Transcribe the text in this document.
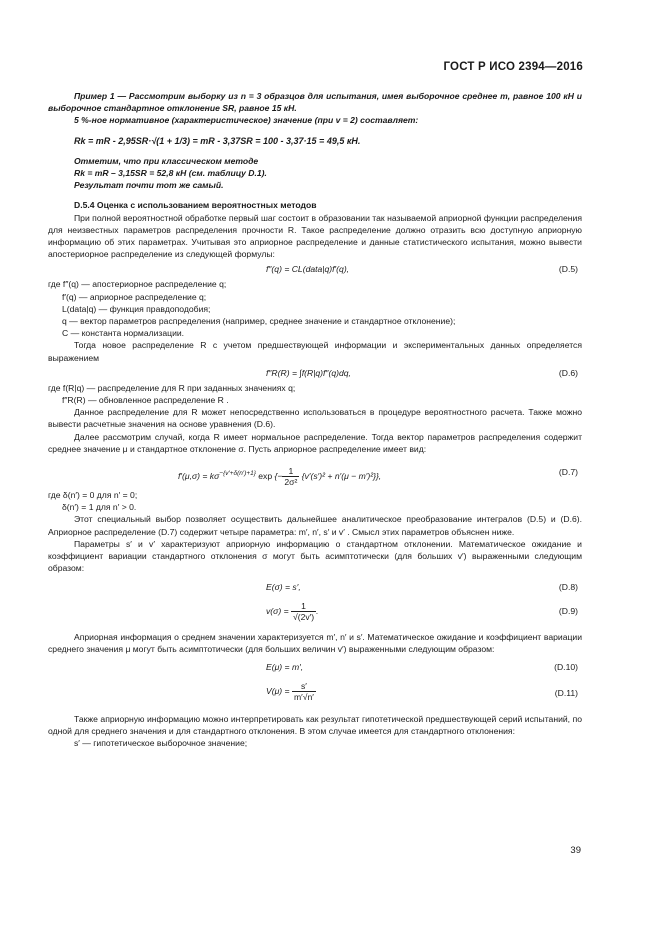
ГОСТ Р ИСО 2394—2016

Пример 1 — Рассмотрим выборку из n = 3 образцов для испытания, имея выборочное среднее m, равное 100 кН и выборочное стандартное отклонение SR, равное 15 кН.

5 %-ное нормативное (характеристическое) значение (при v = 2) составляет:

Rk = mR - 2,95SR·√(1 + 1/3) = mR - 3,37SR = 100 - 3,37·15 = 49,5 кН.

Отметим, что при классическом методе

Rk = mR – 3,15SR = 52,8 кН (см. таблицу D.1).

Результат почти тот же самый.

D.5.4 Оценка с использованием вероятностных методов

При полной вероятностной обработке первый шаг состоит в образовании так называемой априорной функции распределения для неизвестных параметров распределения прочности R. Такое распределение должно отразить всю доступную априорную информацию об этих параметрах. Учитывая это априорное распределение и данные статистического испытания, можно вывести апостериорное распределение из следующей формулы:

f″(q) = CL(data|q)f′(q),	(D.5)

где f″(q) — апостериорное распределение q;

f′(q) — априорное распределение q;

L(data|q) — функция правдоподобия;

q — вектор параметров распределения (например, среднее значение и стандартное отклонение);

C — константа нормализации.

Тогда новое распределение R с учетом предшествующей информации и экспериментальных данных определяется выражением

f″R(R) = ∫f(R|q)f″(q)dq,	(D.6)

где f(R|q) — распределение для R при заданных значениях q;

f″R(R) — обновленное распределение R .

Данное распределение для R может непосредственно использоваться в процедуре вероятностного расчета. Также можно вывести расчетные значения на основе уравнения (D.6).

Далее рассмотрим случай, когда R имеет нормальное распределение. Тогда вектор параметров распределения содержит среднее значение μ и стандартное отклонение σ. Пусть априорное распределение имеет вид:

$f'(\mu,\sigma) = k\sigma^{-\{v'+\delta(n')+1\}}$ exp {− $\frac{1}{\text{2σ²}} \{v'(s')^2 + n'(\mu - m')^2\}$},	(D.7)

где δ(n′) = 0 для n′ = 0;

δ(n′) = 1 для n′ > 0.

Этот специальный выбор позволяет осуществить дальнейшее аналитическое преобразование интегралов (D.5) и (D.6). Априорное распределение (D.7) содержит четыре параметра: m′, n′, s′ и v′ . Смысл этих параметров объяснен ниже.

Параметры s′ и v′ характеризуют априорную информацию о стандартном отклонении. Математическое ожидание и коэффициент вариации стандартного отклонения σ могут быть асимптотически (для больших v′) выраженными следующим образом:

E(σ) = s′,	(D.8)
$v(\sigma) = \frac{1}{√(2v')}$ .	(D.9)

Априорная информация о среднем значении характеризуется m′, n′ и s′. Математическое ожидание и коэффициент вариации среднего значения μ могут быть асимптотически (для больших величин v′) выраженными следующим образом:

E(μ) = m′,	(D.10)
$V(\mu) = \frac{s'}{m'√n'}$	(D.11)

Также априорную информацию можно интерпретировать как результат гипотетической предшествующей серий испытаний, по одной для среднего значения и для стандартного отклонения. В этом случае имеется для стандартного отклонения:

s′ — гипотетическое выборочное значение;

39
